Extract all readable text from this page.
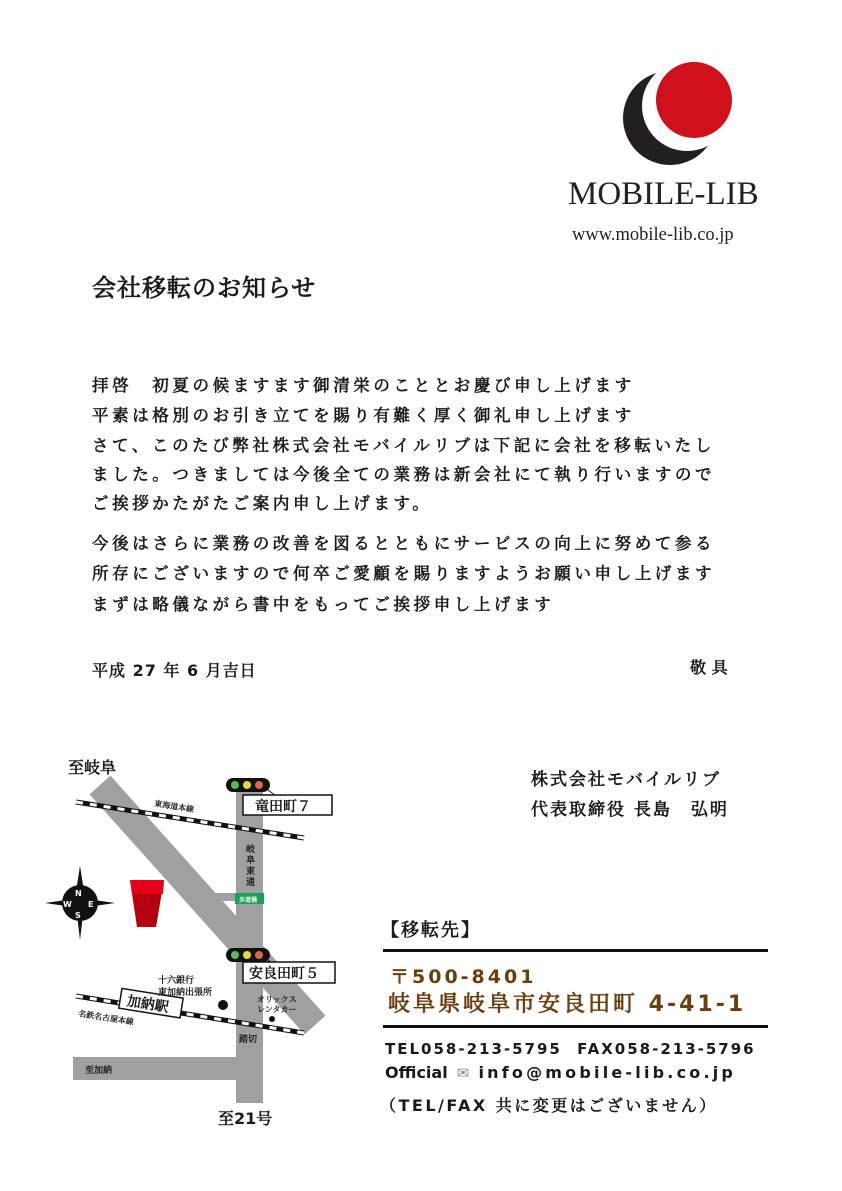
MOBILE-LIB
www.mobile-lib.co.jp
会社移転のお知らせ
拝啓　初夏の候ますます御清栄のこととお慶び申し上げます
平素は格別のお引き立てを賜り有難く厚く御礼申し上げます
さて、このたび弊社株式会社モバイルリブは下記に会社を移転いたし
ました。つきましては今後全ての業務は新会社にて執り行いますので
ご挨拶かたがたご案内申し上げます。
今後はさらに業務の改善を図るとともにサービスの向上に努めて参る
所存にございますので何卒ご愛顧を賜りますようお願い申し上げます
まずは略儀ながら書中をもってご挨拶申し上げます
平成 27 年 6 月吉日	敬 具
株式会社モバイルリブ
代表取締役 長島　弘明
【移転先】
〒500-8401
岐阜県岐阜市安良田町 4-41-1
TEL058-213-5795 FAX058-213-5796
Official ✉ info@mobile-lib.co.jp
（TEL/FAX 共に変更はございません）
至岐阜
東海道本線
名鉄名古屋本線
加納駅
歩道橋
N
E
S
W
竜田町７
安良田町５
十六銀行
東加納出張所
オリックス
レンタカー
踏切
至加納
至21号
岐阜東通
